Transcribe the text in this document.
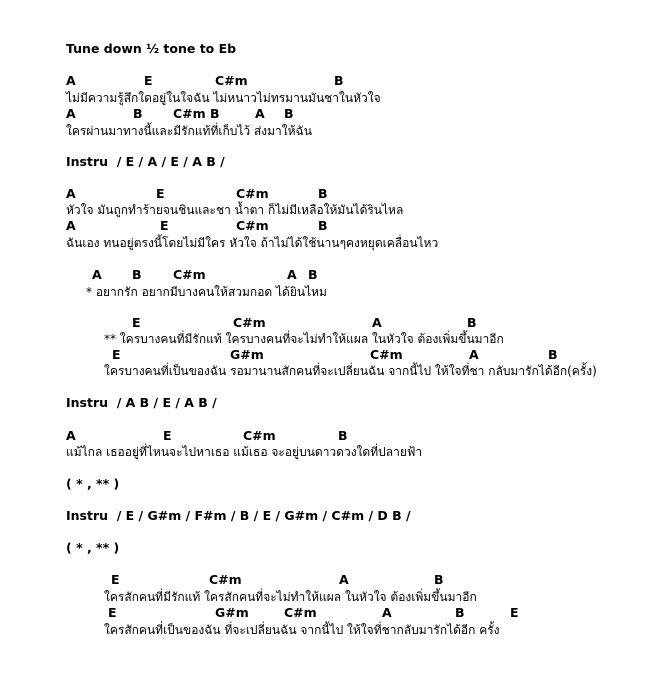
Tune down ½ tone to Eb
A	E	C#m	B
ไม่มีความรู้สึกใดอยู่ในใจฉัน ไม่หนาวไม่ทรมานมันชาในหัวใจ
A	B C#m B	A B
ใครผ่านมาทางนี้และมีรักแท้ที่เก็บไว้ ส่งมาให้ฉัน
Instru  / E / A / E / A B /
A	E	C#m	B
หัวใจ มันถูกทำร้ายจนชินและชา น้ำตา ก็ไม่มีเหลือให้มันได้รินไหล
A	E	C#m	B
ฉันเอง ทนอยู่ตรงนี้โดยไม่มีใคร หัวใจ ถ้าไม่ได้ใช้นานๆคงหยุดเคลื่อนไหว
A B	C#m	A B
* อยากรัก อยากมีบางคนให้สวมกอด ได้ยินไหม
E	C#m	A	B
** ใครบางคนที่มีรักแท้ ใครบางคนที่จะไม่ทำให้แผล ในหัวใจ ต้องเพิ่มขึ้นมาอีก
E	G#m	C#m	A	B
ใครบางคนที่เป็นของฉัน รอมานานสักคนที่จะเปลี่ยนฉัน จากนี้ไป ให้ใจที่ชา กลับมารักได้อีก(ครั้ง)
Instru  / A B / E / A B /
A	E	C#m	B
แม้ไกล เธออยู่ที่ไหนจะไปหาเธอ แม้เธอ จะอยู่บนดาวดวงใดที่ปลายฟ้า
( * , ** )
Instru  / E / G#m / F#m / B / E / G#m / C#m / D B /
( * , ** )
E	C#m	A	B
ใครสักคนที่มีรักแท้ ใครสักคนที่จะไม่ทำให้แผล ในหัวใจ ต้องเพิ่มขึ้นมาอีก
E	G#m	C#m	A	B	E
ใครสักคนที่เป็นของฉัน ที่จะเปลี่ยนฉัน จากนี้ไป ให้ใจที่ชากลับมารักได้อีก ครั้ง
